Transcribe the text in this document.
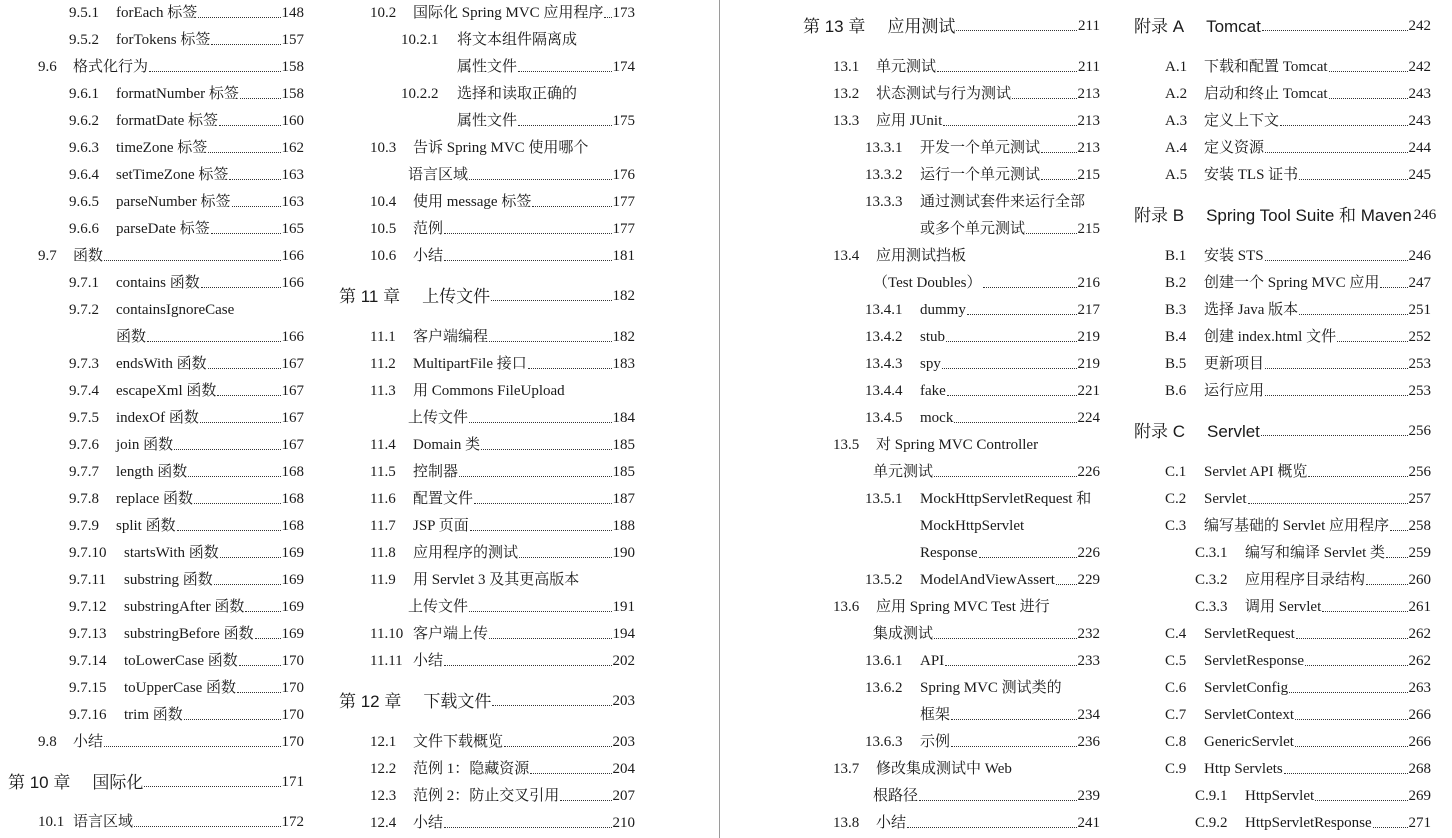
9.5.1 forEach 标签	148
9.5.2 forTokens 标签	157
9.6 格式化行为	158
9.6.1 formatNumber 标签	158
9.6.2 formatDate 标签	160
9.6.3 timeZone 标签	162
9.6.4 setTimeZone 标签	163
9.6.5 parseNumber 标签	163
9.6.6 parseDate 标签	165
9.7 函数	166
9.7.1 contains 函数	166
9.7.2 containsIgnoreCase
函数	166
9.7.3 endsWith 函数	167
9.7.4 escapeXml 函数	167
9.7.5 indexOf 函数	167
9.7.6 join 函数	167
9.7.7 length 函数	168
9.7.8 replace 函数	168
9.7.9 split 函数	168
9.7.10 startsWith 函数	169
9.7.11 substring 函数	169
9.7.12 substringAfter 函数 169
9.7.13 substringBefore 函数 169
9.7.14 toLowerCase 函数	170
9.7.15 toUpperCase 函数	170
9.7.16 trim 函数	170
9.8 小结	170
第 10 章 国际化	171
10.1 语言区域	172
10.2 国际化 Spring MVC 应用程序 173
10.2.1 将文本组件隔离成
属性文件	174
10.2.2 选择和读取正确的
属性文件	175
10.3 告诉 Spring MVC 使用哪个
语言区域	176
10.4 使用 message 标签	177
10.5 范例	177
10.6 小结	181
第 11 章 上传文件	182
11.1 客户端编程	182
11.2 MultipartFile 接口	183
11.3 用 Commons FileUpload
上传文件	184
11.4 Domain 类	185
11.5 控制器	185
11.6 配置文件	187
11.7 JSP 页面	188
11.8 应用程序的测试	190
11.9 用 Servlet 3 及其更高版本
上传文件	191
11.10 客户端上传	194
11.11 小结	202
第 12 章 下载文件	203
12.1 文件下载概览	203
12.2 范例 1：隐藏资源	204
12.3 范例 2：防止交叉引用	207
12.4 小结	210
第 13 章 应用测试	211
13.1 单元测试	211
13.2 状态测试与行为测试	213
13.3 应用 JUnit	213
13.3.1 开发一个单元测试 213
13.3.2 运行一个单元测试 215
13.3.3 通过测试套件来运行全部
或多个单元测试	215
13.4 应用测试挡板
（Test Doubles）	216
13.4.1 dummy	217
13.4.2 stub	219
13.4.3 spy	219
13.4.4 fake	221
13.4.5 mock	224
13.5 对 Spring MVC Controller
单元测试	226
13.5.1 MockHttpServletRequest 和
MockHttpServlet
Response	226
13.5.2 ModelAndViewAssert 229
13.6 应用 Spring MVC Test 进行
集成测试	232
13.6.1 API	233
13.6.2 Spring MVC 测试类的
框架	234
13.6.3 示例	236
13.7 修改集成测试中 Web
根路径	239
13.8 小结	241
附录 A Tomcat	242
A.1 下载和配置 Tomcat	242
A.2 启动和终止 Tomcat	243
A.3 定义上下文	243
A.4 定义资源	244
A.5 安装 TLS 证书	245
附录 B Spring Tool Suite 和 Maven 246
B.1 安装 STS	246
B.2 创建一个 Spring MVC 应用 247
B.3 选择 Java 版本	251
B.4 创建 index.html 文件	252
B.5 更新项目	253
B.6 运行应用	253
附录 C Servlet	256
C.1 Servlet API 概览	256
C.2 Servlet	257
C.3 编写基础的 Servlet 应用程序 258
C.3.1 编写和编译 Servlet 类 259
C.3.2 应用程序目录结构	260
C.3.3 调用 Servlet	261
C.4 ServletRequest	262
C.5 ServletResponse	262
C.6 ServletConfig	263
C.7 ServletContext	266
C.8 GenericServlet	266
C.9 Http Servlets	268
C.9.1 HttpServlet	269
C.9.2 HttpServletResponse 271
